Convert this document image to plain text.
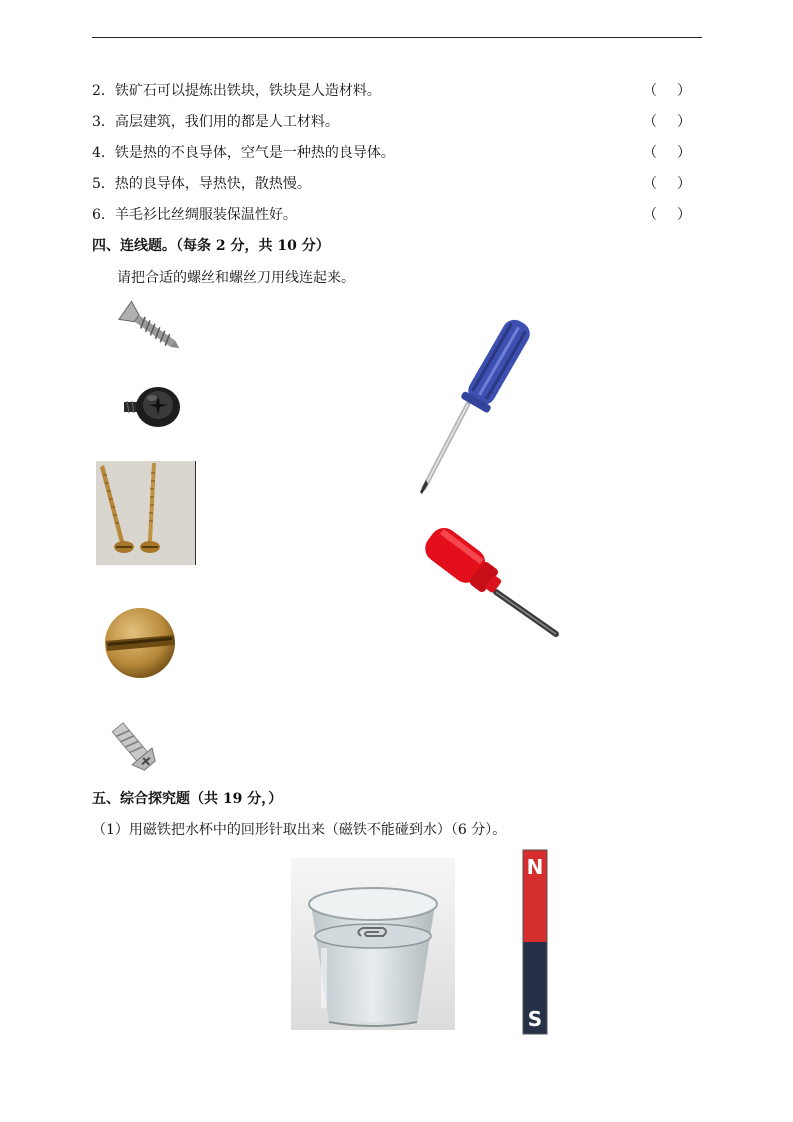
2．铁矿石可以提炼出铁块，铁块是人造材料。	（ ）
3．高层建筑，我们用的都是人工材料。	（ ）
4．铁是热的不良导体，空气是一种热的良导体。	（ ）
5．热的良导体，导热快，散热慢。	（ ）
6．羊毛衫比丝绸服装保温性好。	（ ）
四、连线题。（每条 2 分，共 10 分）
请把合适的螺丝和螺丝刀用线连起来。
五、综合探究题（共 19 分，）
（1）用磁铁把水杯中的回形针取出来（磁铁不能碰到水）（6 分）。
N
S
